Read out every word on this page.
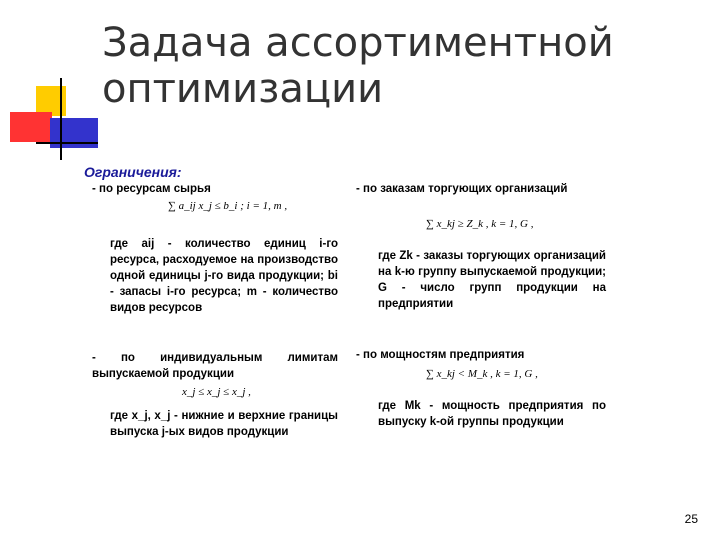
Задача ассортиментной оптимизации
Ограничения:
- по ресурсам сырья
∑ a_ij x_j ≤ b_i ; i = 1, m ,
где aij - количество единиц i-го ресурса, расходуемое на производство одной единицы j-го вида продукции; bi - запасы i-го ресурса; m - количество видов ресурсов
- по индивидуальным лимитам выпускаемой продукции
x_j ≤ x_j ≤ x_j ,
где x_j, x_j - нижние и верхние границы выпуска j-ых видов продукции
- по заказам торгующих организаций
∑ x_kj ≥ Z_k , k = 1, G ,
где Zk - заказы торгующих организаций на k-ю группу выпускаемой продукции; G - число групп продукции на предприятии
- по мощностям предприятия
∑ x_kj < M_k , k = 1, G ,
где Mk - мощность предприятия по выпуску k-ой группы продукции
25
